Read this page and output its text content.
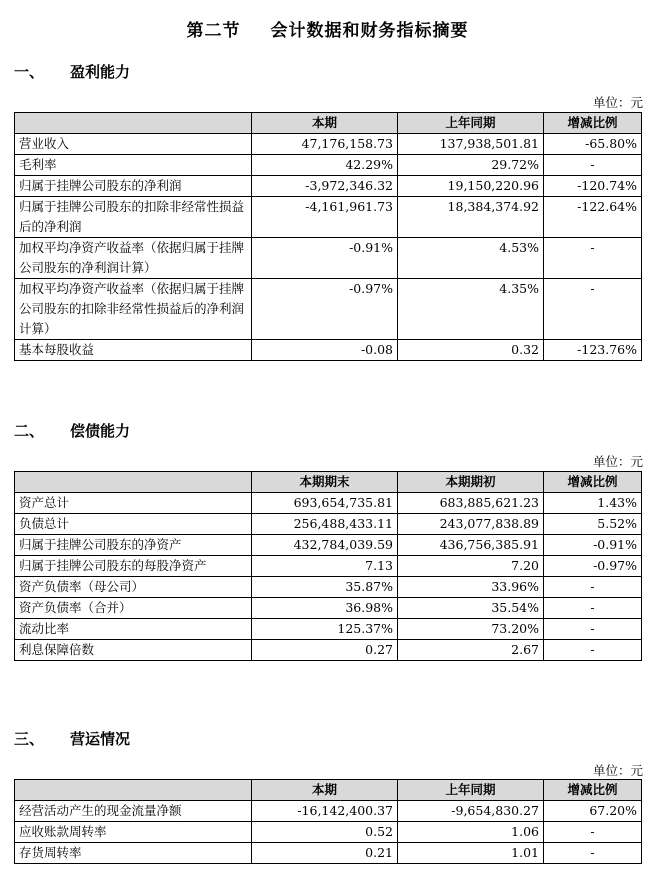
第二节 会计数据和财务指标摘要
一、 盈利能力
单位：元
	本期	上年同期	增减比例
营业收入	47,176,158.73	137,938,501.81	-65.80%
毛利率	42.29%	29.72%	-
归属于挂牌公司股东的净利润	-3,972,346.32	19,150,220.96	-120.74%
归属于挂牌公司股东的扣除非经常性损益后的净利润	-4,161,961.73	18,384,374.92	-122.64%
加权平均净资产收益率（依据归属于挂牌公司股东的净利润计算）	-0.91%	4.53%	-
加权平均净资产收益率（依据归属于挂牌公司股东的扣除非经常性损益后的净利润计算）	-0.97%	4.35%	-
基本每股收益	-0.08	0.32	-123.76%
二、 偿债能力
单位：元
	本期期末	本期期初	增减比例
资产总计	693,654,735.81	683,885,621.23	1.43%
负债总计	256,488,433.11	243,077,838.89	5.52%
归属于挂牌公司股东的净资产	432,784,039.59	436,756,385.91	-0.91%
归属于挂牌公司股东的每股净资产	7.13	7.20	-0.97%
资产负债率（母公司）	35.87%	33.96%	-
资产负债率（合并）	36.98%	35.54%	-
流动比率	125.37%	73.20%	-
利息保障倍数	0.27	2.67	-
三、 营运情况
单位：元
	本期	上年同期	增减比例
经营活动产生的现金流量净额	-16,142,400.37	-9,654,830.27	67.20%
应收账款周转率	0.52	1.06	-
存货周转率	0.21	1.01	-
